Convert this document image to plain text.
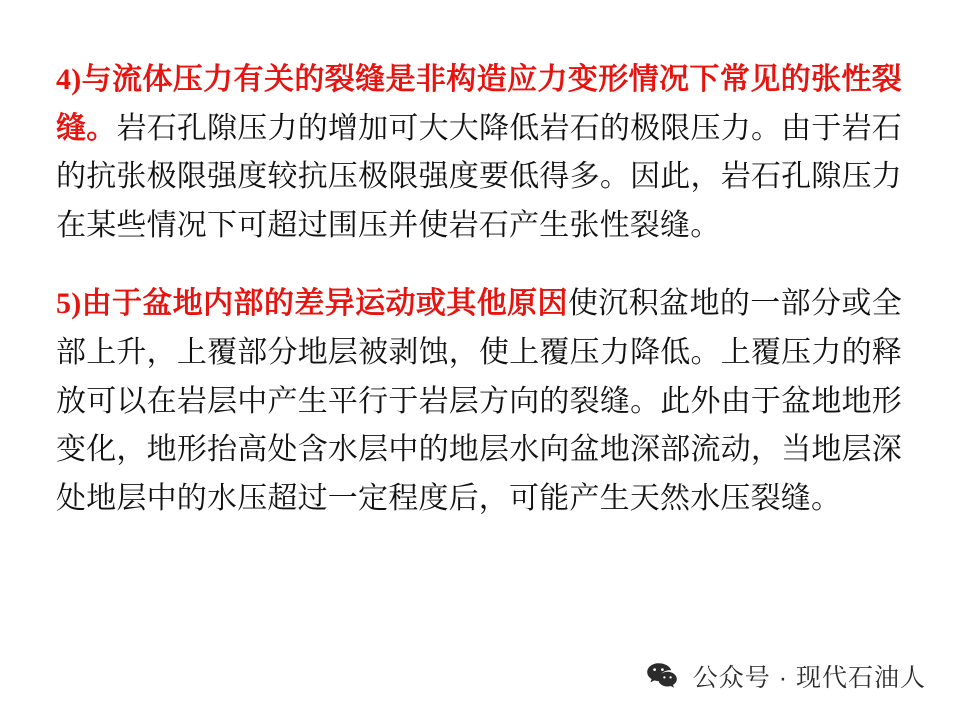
4)与流体压力有关的裂缝是非构造应力变形情况下常见的张性裂缝。岩石孔隙压力的增加可大大降低岩石的极限压力。由于岩石的抗张极限强度较抗压极限强度要低得多。因此，岩石孔隙压力在某些情况下可超过围压并使岩石产生张性裂缝。

5)由于盆地内部的差异运动或其他原因使沉积盆地的一部分或全部上升，上覆部分地层被剥蚀，使上覆压力降低。上覆压力的释放可以在岩层中产生平行于岩层方向的裂缝。此外由于盆地地形变化，地形抬高处含水层中的地层水向盆地深部流动，当地层深处地层中的水压超过一定程度后，可能产生天然水压裂缝。

公众号 · 现代石油人
